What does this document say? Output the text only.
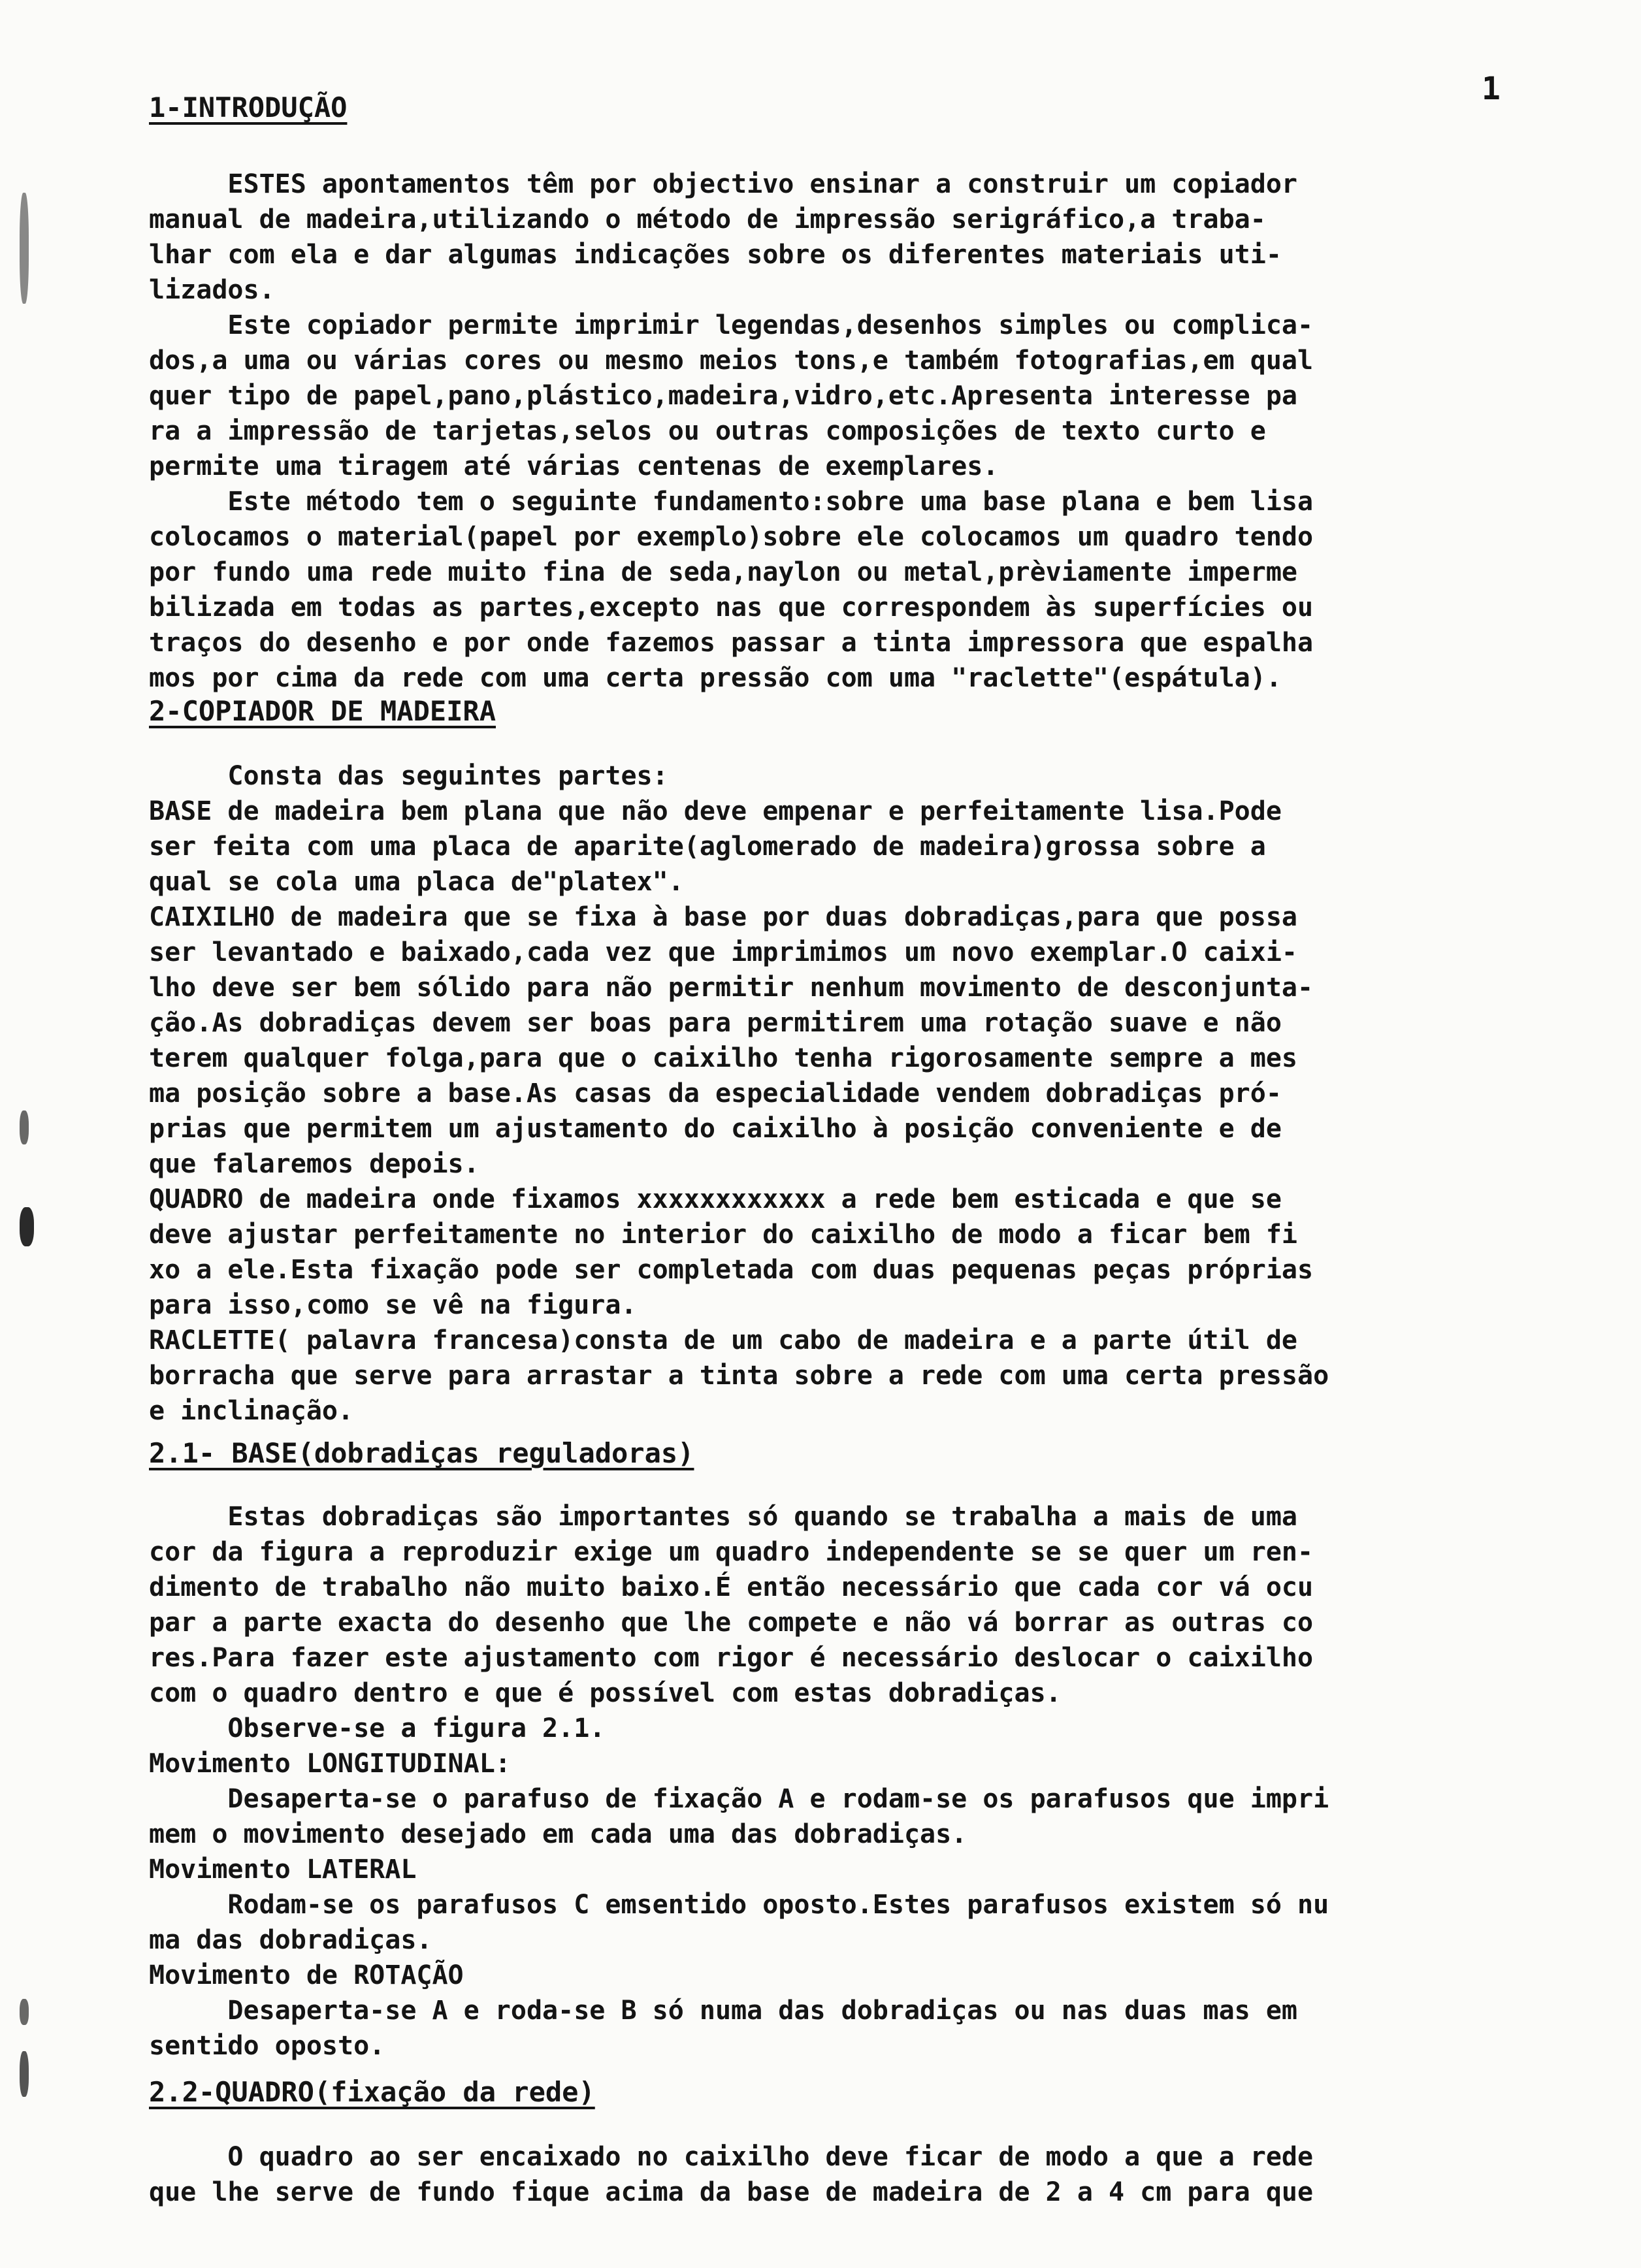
1
1-INTRODUÇÃO
ESTES apontamentos têm por objectivo ensinar a construir um copiador
manual de madeira,utilizando o método de impressão serigráfico,a traba-
lhar com ela e dar algumas indicações sobre os diferentes materiais uti-
lizados.
Este copiador permite imprimir legendas,desenhos simples ou complica-
dos,a uma ou várias cores ou mesmo meios tons,e também fotografias,em qual
quer tipo de papel,pano,plástico,madeira,vidro,etc.Apresenta interesse pa
ra a impressão de tarjetas,selos ou outras composições de texto curto e
permite uma tiragem até várias centenas de exemplares.
Este método tem o seguinte fundamento:sobre uma base plana e bem lisa
colocamos o material(papel por exemplo)sobre ele colocamos um quadro tendo
por fundo uma rede muito fina de seda,naylon ou metal,prèviamente imperme
bilizada em todas as partes,excepto nas que correspondem às superfícies ou
traços do desenho e por onde fazemos passar a tinta impressora que espalha
mos por cima da rede com uma certa pressão com uma "raclette"(espátula).
2-COPIADOR DE MADEIRA
Consta das seguintes partes:
BASE de madeira bem plana que não deve empenar e perfeitamente lisa.Pode
ser feita com uma placa de aparite(aglomerado de madeira)grossa sobre a
qual se cola uma placa de"platex".
CAIXILHO de madeira que se fixa à base por duas dobradiças,para que possa
ser levantado e baixado,cada vez que imprimimos um novo exemplar.O caixi-
lho deve ser bem sólido para não permitir nenhum movimento de desconjunta-
ção.As dobradiças devem ser boas para permitirem uma rotação suave e não
terem qualquer folga,para que o caixilho tenha rigorosamente sempre a mes
ma posição sobre a base.As casas da especialidade vendem dobradiças pró-
prias que permitem um ajustamento do caixilho à posição conveniente e de
que falaremos depois.
QUADRO de madeira onde fixamos xxxxxxxxxxxx a rede bem esticada e que se
deve ajustar perfeitamente no interior do caixilho de modo a ficar bem fi
xo a ele.Esta fixação pode ser completada com duas pequenas peças próprias
para isso,como se vê na figura.
RACLETTE( palavra francesa)consta de um cabo de madeira e a parte útil de
borracha que serve para arrastar a tinta sobre a rede com uma certa pressão
e inclinação.
2.1- BASE(dobradiças reguladoras)
Estas dobradiças são importantes só quando se trabalha a mais de uma
cor da figura a reproduzir exige um quadro independente se se quer um ren-
dimento de trabalho não muito baixo.É então necessário que cada cor vá ocu
par a parte exacta do desenho que lhe compete e não vá borrar as outras co
res.Para fazer este ajustamento com rigor é necessário deslocar o caixilho
com o quadro dentro e que é possível com estas dobradiças.
Observe-se a figura 2.1.
Movimento LONGITUDINAL:
Desaperta-se o parafuso de fixação A e rodam-se os parafusos que impri
mem o movimento desejado em cada uma das dobradiças.
Movimento LATERAL
Rodam-se os parafusos C emsentido oposto.Estes parafusos existem só nu
ma das dobradiças.
Movimento de ROTAÇÃO
Desaperta-se A e roda-se B só numa das dobradiças ou nas duas mas em
sentido oposto.
2.2-QUADRO(fixação da rede)
O quadro ao ser encaixado no caixilho deve ficar de modo a que a rede
que lhe serve de fundo fique acima da base de madeira de 2 a 4 cm para que
